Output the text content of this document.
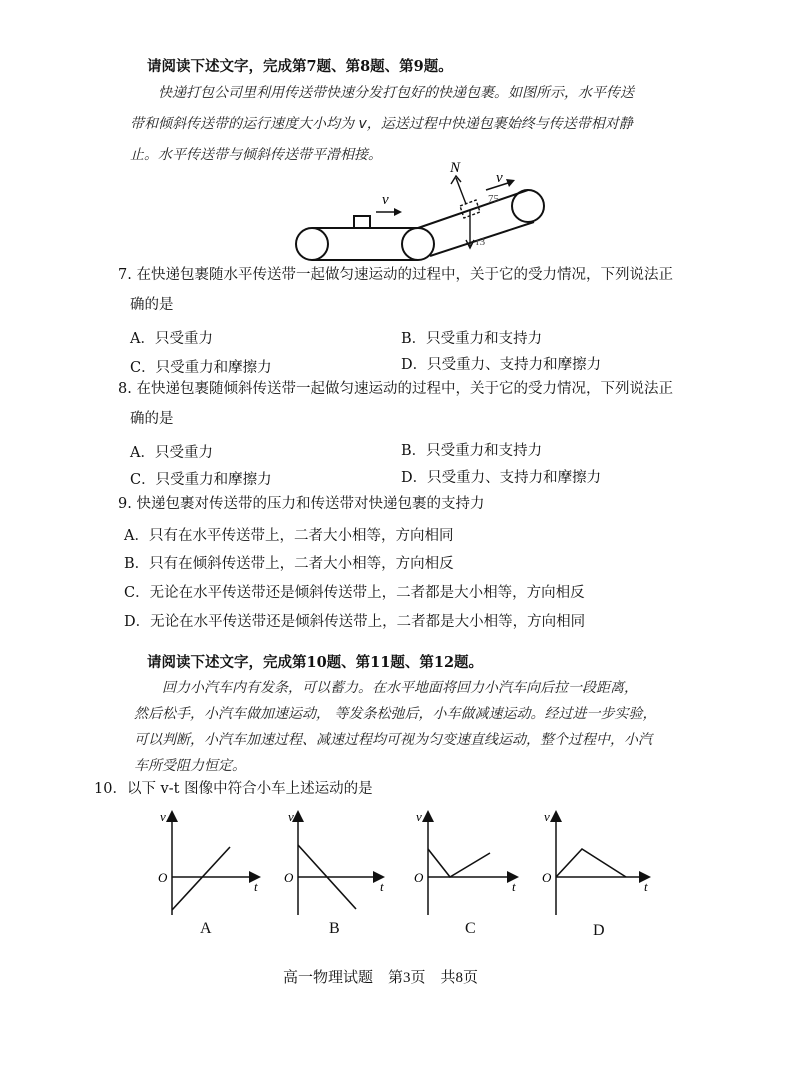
请阅读下述文字，完成第7题、第8题、第9题。
快递打包公司里利用传送带快速分发打包好的快递包裹。如图所示，水平传送
带和倾斜传送带的运行速度大小均为 v，运送过程中快递包裹始终与传送带相对静
止。水平传送带与倾斜传送带平滑相接。
v
v
N
r3
75
7. 在快递包裹随水平传送带一起做匀速运动的过程中，关于它的受力情况，下列说法正
确的是
A．只受重力	B．只受重力和支持力
C．只受重力和摩擦力	D．只受重力、支持力和摩擦力
8. 在快递包裹随倾斜传送带一起做匀速运动的过程中，关于它的受力情况，下列说法正
确的是
A．只受重力	B．只受重力和支持力
C．只受重力和摩擦力	D．只受重力、支持力和摩擦力
9. 快递包裹对传送带的压力和传送带对快递包裹的支持力
A．只有在水平传送带上，二者大小相等，方向相同
B．只有在倾斜传送带上，二者大小相等，方向相反
C．无论在水平传送带还是倾斜传送带上，二者都是大小相等，方向相反
D．无论在水平传送带还是倾斜传送带上，二者都是大小相等，方向相同
请阅读下述文字，完成第10题、第11题、第12题。
回力小汽车内有发条，可以蓄力。在水平地面将回力小汽车向后拉一段距离，
然后松手，小汽车做加速运动， 等发条松弛后，小车做减速运动。经过进一步实验，
可以判断，小汽车加速过程、减速过程均可视为匀变速直线运动，整个过程中，小汽
车所受阻力恒定。
10．以下 v-t 图像中符合小车上述运动的是
v
t
O
v
t
O
v
t
O
v
t
O
A	B	C	D
高一物理试题　第3页　共8页
